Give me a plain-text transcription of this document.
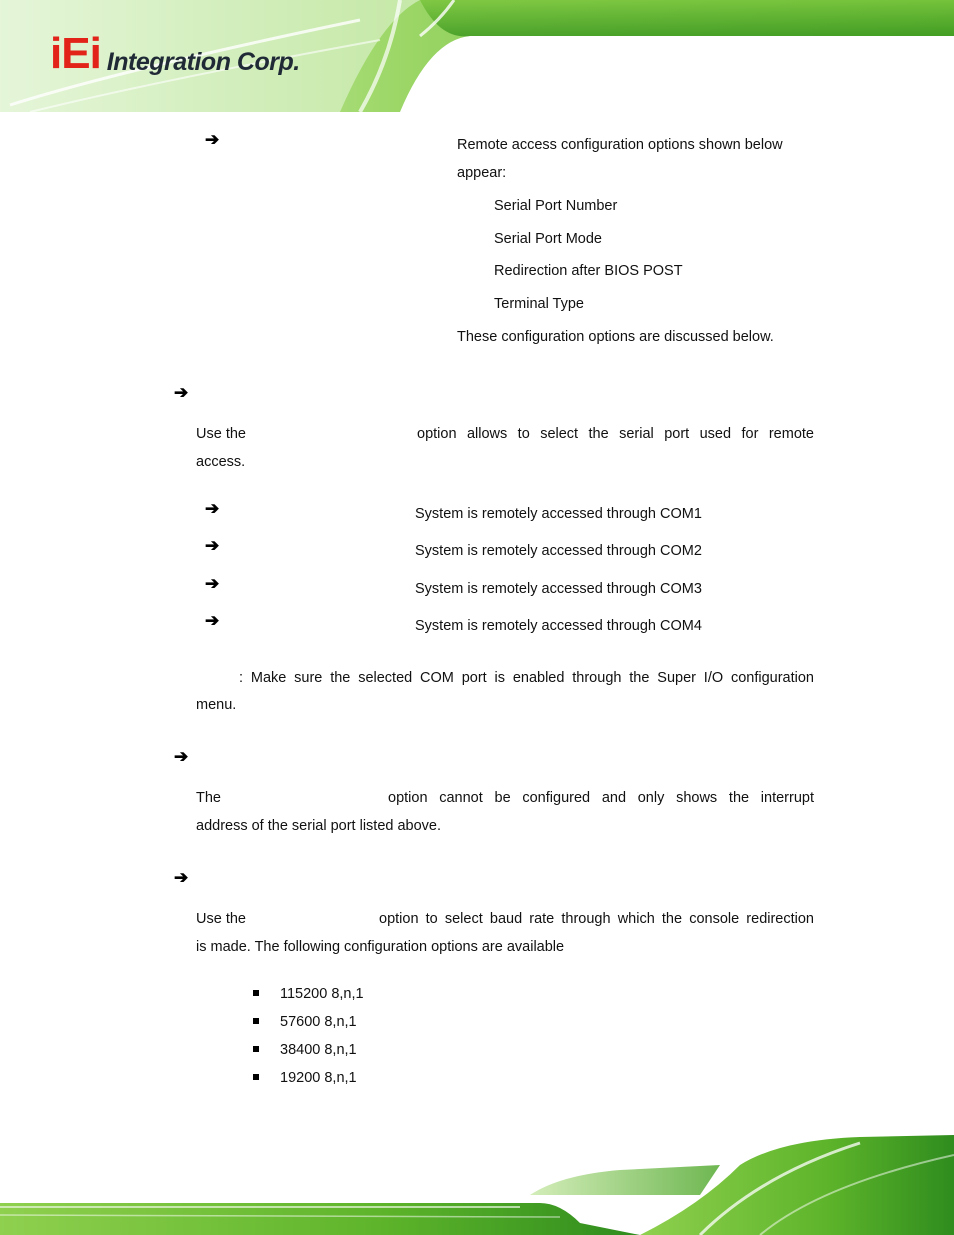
iEi Integration Corp.
➔	Remote access configuration options shown below
appear:
Serial Port Number
Serial Port Mode
Redirection after BIOS POST
Terminal Type
These configuration options are discussed below.
➔
Use the	option allows to select the serial port used for remote
access.
➔	System is remotely accessed through COM1
➔	System is remotely accessed through COM2
➔	System is remotely accessed through COM3
➔	System is remotely accessed through COM4
: Make sure the selected COM port is enabled through the Super I/O configuration
menu.
➔
The	option cannot be configured and only shows the interrupt
address of the serial port listed above.
➔
Use the	option to select baud rate through which the console redirection
is made. The following configuration options are available
115200 8,n,1
57600 8,n,1
38400 8,n,1
19200 8,n,1
